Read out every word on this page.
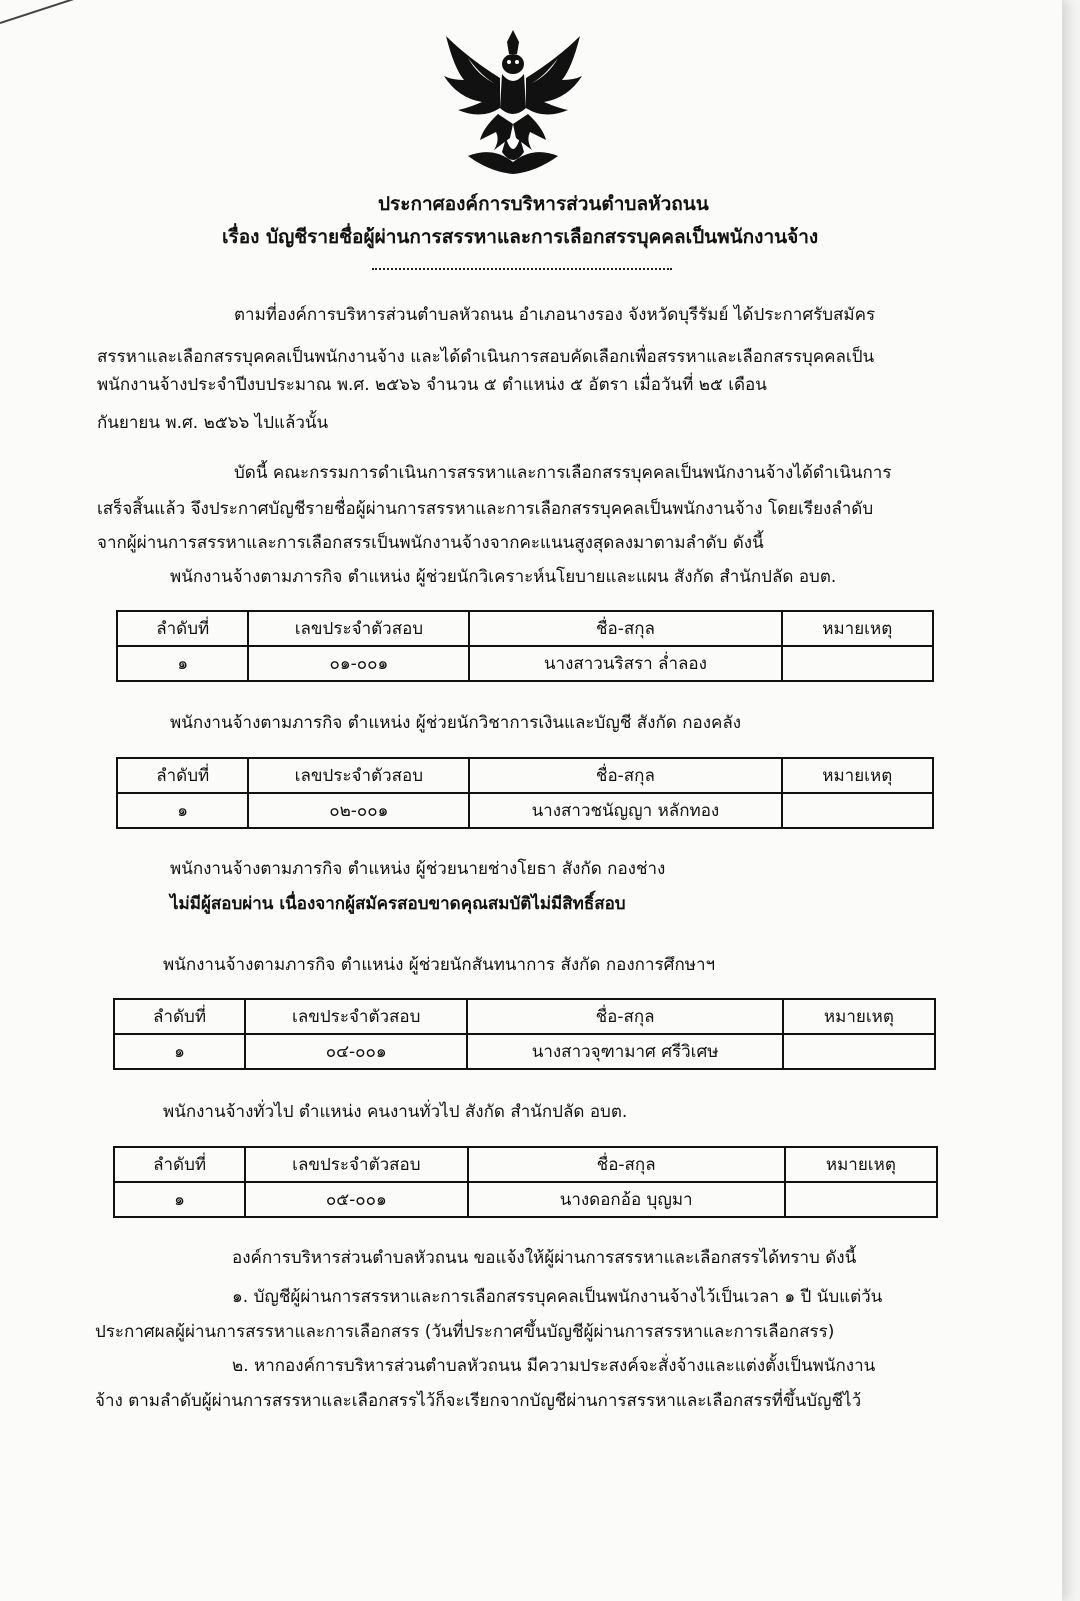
ประกาศองค์การบริหารส่วนตำบลหัวถนน
เรื่อง บัญชีรายชื่อผู้ผ่านการสรรหาและการเลือกสรรบุคคลเป็นพนักงานจ้าง
ตามที่องค์การบริหารส่วนตำบลหัวถนน อำเภอนางรอง จังหวัดบุรีรัมย์ ได้ประกาศรับสมัคร
สรรหาและเลือกสรรบุคคลเป็นพนักงานจ้าง และได้ดำเนินการสอบคัดเลือกเพื่อสรรหาและเลือกสรรบุคคลเป็น
พนักงานจ้างประจำปีงบประมาณ พ.ศ. ๒๕๖๖ จำนวน ๕ ตำแหน่ง ๕ อัตรา เมื่อวันที่ ๒๕ เดือน
กันยายน พ.ศ. ๒๕๖๖ ไปแล้วนั้น
บัดนี้ คณะกรรมการดำเนินการสรรหาและการเลือกสรรบุคคลเป็นพนักงานจ้างได้ดำเนินการ
เสร็จสิ้นแล้ว จึงประกาศบัญชีรายชื่อผู้ผ่านการสรรหาและการเลือกสรรบุคคลเป็นพนักงานจ้าง โดยเรียงลำดับ
จากผู้ผ่านการสรรหาและการเลือกสรรเป็นพนักงานจ้างจากคะแนนสูงสุดลงมาตามลำดับ ดังนี้
พนักงานจ้างตามภารกิจ ตำแหน่ง ผู้ช่วยนักวิเคราะห์นโยบายและแผน สังกัด สำนักปลัด อบต.
ลำดับที่	เลขประจำตัวสอบ	ชื่อ-สกุล	หมายเหตุ
๑	๐๑-๐๐๑	นางสาวนริสรา ล่ำลอง	
พนักงานจ้างตามภารกิจ ตำแหน่ง ผู้ช่วยนักวิชาการเงินและบัญชี สังกัด กองคลัง
ลำดับที่	เลขประจำตัวสอบ	ชื่อ-สกุล	หมายเหตุ
๑	๐๒-๐๐๑	นางสาวชนัญญา หลักทอง	
พนักงานจ้างตามภารกิจ ตำแหน่ง ผู้ช่วยนายช่างโยธา สังกัด กองช่าง
ไม่มีผู้สอบผ่าน เนื่องจากผู้สมัครสอบขาดคุณสมบัติไม่มีสิทธิ์สอบ
พนักงานจ้างตามภารกิจ ตำแหน่ง ผู้ช่วยนักสันทนาการ สังกัด กองการศึกษาฯ
ลำดับที่	เลขประจำตัวสอบ	ชื่อ-สกุล	หมายเหตุ
๑	๐๔-๐๐๑	นางสาวจุฑามาศ ศรีวิเศษ	
พนักงานจ้างทั่วไป ตำแหน่ง คนงานทั่วไป สังกัด สำนักปลัด อบต.
ลำดับที่	เลขประจำตัวสอบ	ชื่อ-สกุล	หมายเหตุ
๑	๐๕-๐๐๑	นางดอกอ้อ บุญมา	
องค์การบริหารส่วนตำบลหัวถนน ขอแจ้งให้ผู้ผ่านการสรรหาและเลือกสรรได้ทราบ ดังนี้
๑. บัญชีผู้ผ่านการสรรหาและการเลือกสรรบุคคลเป็นพนักงานจ้างไว้เป็นเวลา ๑ ปี นับแต่วัน
ประกาศผลผู้ผ่านการสรรหาและการเลือกสรร (วันที่ประกาศขึ้นบัญชีผู้ผ่านการสรรหาและการเลือกสรร)
๒. หากองค์การบริหารส่วนตำบลหัวถนน มีความประสงค์จะสั่งจ้างและแต่งตั้งเป็นพนักงาน
จ้าง ตามลำดับผู้ผ่านการสรรหาและเลือกสรรไว้ก็จะเรียกจากบัญชีผ่านการสรรหาและเลือกสรรที่ขึ้นบัญชีไว้
